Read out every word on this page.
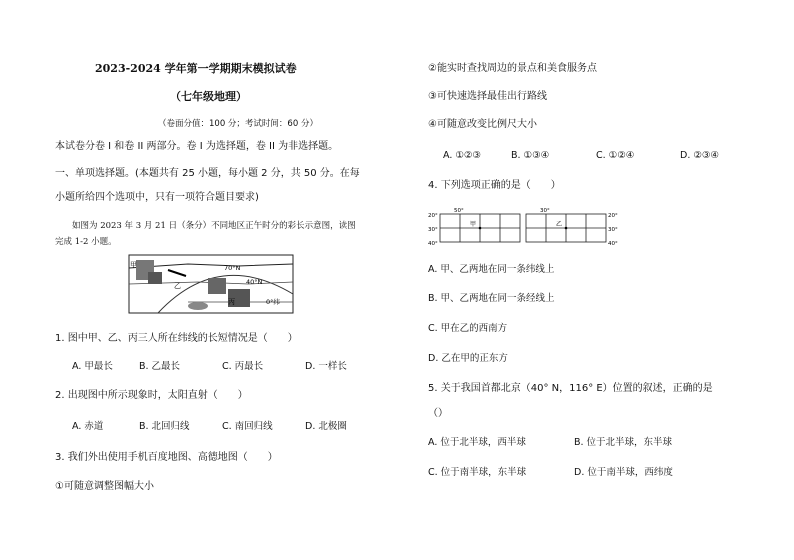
2023-2024 学年第一学期期末模拟试卷
（七年级地理）
（卷面分值：100 分；考试时间：60 分）
本试卷分卷 I 和卷 II 两部分。卷 I 为选择题，卷 II 为非选择题。
一、单项选择题。(本题共有 25 小题，每小题 2 分，共 50 分。在每
小题所给四个选项中，只有一项符合题目要求)
如图为 2023 年 3 月 21 日（条分）不同地区正午时分的彩长示意图，读图
完成 1-2 小题。
甲
乙
丙
70°N
40°N
0°纬
1. 图中甲、乙、丙三人所在纬线的长短情况是（　　）
A. 甲最长	B. 乙最长	C. 丙最长	D. 一样长
2. 出现图中所示现象时，太阳直射（　　）
A. 赤道	B. 北回归线	C. 南回归线	D. 北极圈
3. 我们外出使用手机百度地图、高德地图（　　）
①可随意调整图幅大小
②能实时查找周边的景点和美食服务点
③可快速选择最佳出行路线
④可随意改变比例尺大小
A. ①②③	B. ①③④	C. ①②④	D. ②③④
4. 下列选项正确的是（　　）
20°
30°
40°
50°	30°
20°
30°
40°
甲	乙
A. 甲、乙两地在同一条纬线上
B. 甲、乙两地在同一条经线上
C. 甲在乙的西南方
D. 乙在甲的正东方
5. 关于我国首都北京（40° N，116° E）位置的叙述，正确的是
（）
A. 位于北半球，西半球	B. 位于北半球，东半球
C. 位于南半球，东半球	D. 位于南半球，西纬度
